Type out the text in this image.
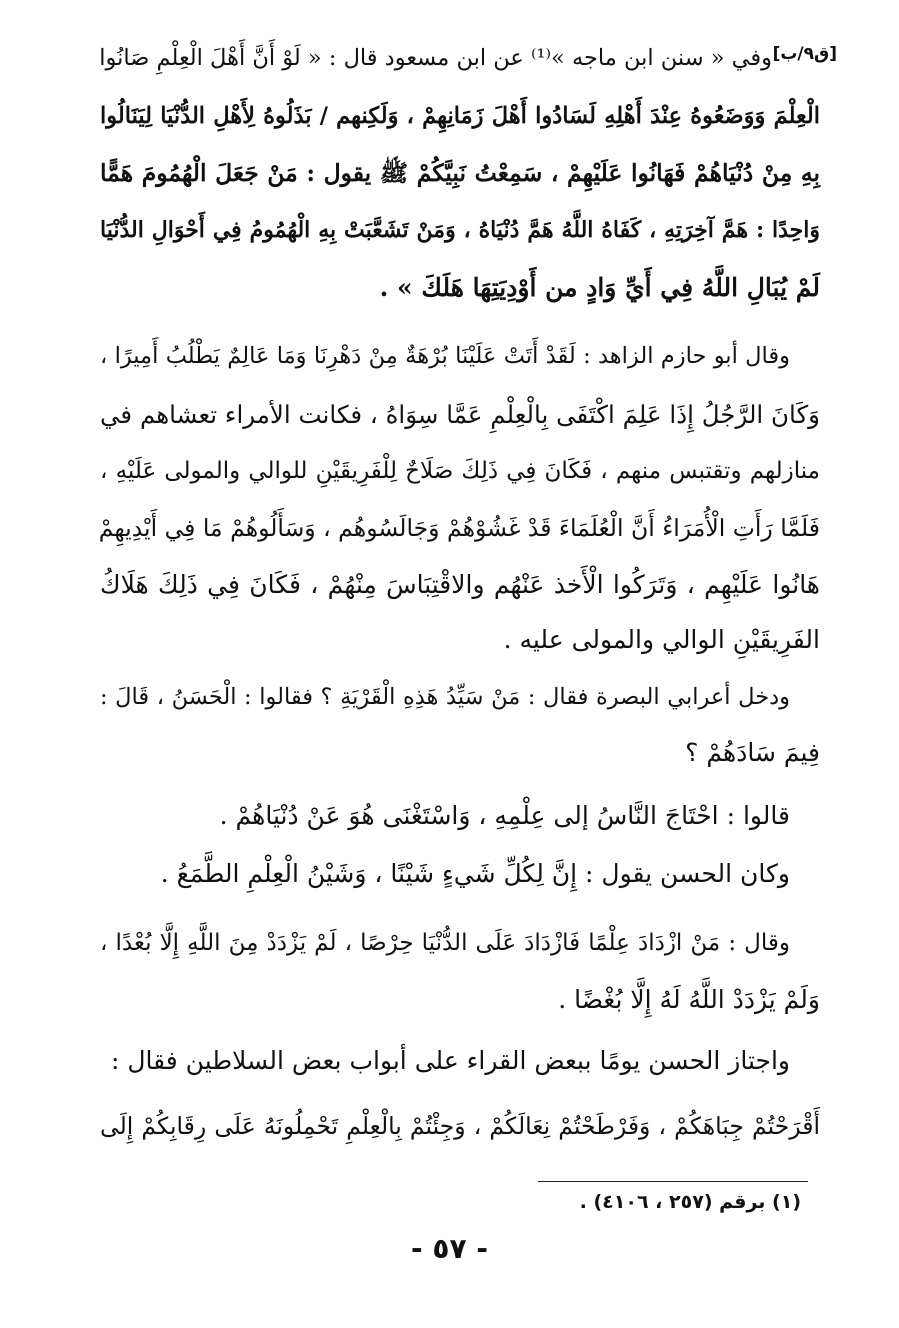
وفي « سنن ابن ماجه »⁽¹⁾ عن ابن مسعود قال : « لَوْ أَنَّ أَهْلَ الْعِلْمِ صَانُوا
الْعِلْمَ وَوَضَعُوهُ عِنْدَ أَهْلِهِ لَسَادُوا أَهْلَ زَمَانِهِمْ ، وَلَكِنهم / بَذَلُوهُ لِأَهْلِ الدُّنْيَا لِيَنَالُوا
بِهِ مِنْ دُنْيَاهُمْ فَهَانُوا عَلَيْهِمْ ، سَمِعْتُ نَبِيَّكُمْ ﷺ يقول : مَنْ جَعَلَ الْهُمُومَ هَمًّا
وَاحِدًا : هَمَّ آخِرَتِهِ ، كَفَاهُ اللَّهُ هَمَّ دُنْيَاهُ ، وَمَنْ تَشَعَّبَتْ بِهِ الْهُمُومُ فِي أَحْوَالِ الدُّنْيَا
لَمْ يُبَالِ اللَّهُ فِي أَيِّ وَادٍ من أَوْدِيَتِهَا هَلَكَ » .
وقال أبو حازم الزاهد : لَقَدْ أَتَتْ عَلَيْنَا بُرْهَةٌ مِنْ دَهْرِنَا وَمَا عَالِمٌ يَطْلُبُ أَمِيرًا ،
وَكَانَ الرَّجُلُ إِذَا عَلِمَ اكْتَفَى بِالْعِلْمِ عَمَّا سِوَاهُ ، فكانت الأمراء تعشاهم في
منازلهم وتقتبس منهم ، فَكَانَ فِي ذَلِكَ صَلَاحٌ لِلْفَرِيقَيْنِ للوالي والمولى عَلَيْهِ ،
فَلَمَّا رَأَتِ الْأُمَرَاءُ أَنَّ الْعُلَمَاءَ قَدْ غَشُوْهُمْ وَجَالَسُوهُم ، وَسَأَلُوهُمْ مَا فِي أَيْدِيهِمْ
هَانُوا عَلَيْهِم ، وَتَرَكُوا الْأَخذ عَنْهُم والاقْتِبَاسَ مِنْهُمْ ، فَكَانَ فِي ذَلِكَ هَلَاكُ
الفَرِيقَيْنِ الوالي والمولى عليه .
ودخل أعرابي البصرة فقال : مَنْ سَيِّدُ هَذِهِ الْقَرْيَةِ ؟ فقالوا : الْحَسَنُ ، قَالَ :
فِيمَ سَادَهُمْ ؟
قالوا : احْتَاجَ النَّاسُ إلى عِلْمِهِ ، وَاسْتَغْنَى هُوَ عَنْ دُنْيَاهُمْ .
وكان الحسن يقول : إِنَّ لِكُلِّ شَيءٍ شَيْنًا ، وَشَيْنُ الْعِلْمِ الطَّمَعُ .
وقال : مَنْ ازْدَادَ عِلْمًا فَازْدَادَ عَلَى الدُّنْيَا حِرْصًا ، لَمْ يَزْدَدْ مِنَ اللَّهِ إِلَّا بُعْدًا ،
وَلَمْ يَزْدَدْ اللَّهُ لَهُ إِلَّا بُغْضًا .
واجتاز الحسن يومًا ببعض القراء على أبواب بعض السلاطين فقال :
أَقْرَحْتُمْ جِبَاهَكُمْ ، وَفَرْطَحْتُمْ نِعَالَكُمْ ، وَجِئْتُمْ بِالْعِلْمِ تَحْمِلُونَهُ عَلَى رِقَابِكُمْ إِلَى
[ق٩/ب]
(١) برقم (٢٥٧ ، ٤١٠٦) .
- ٥٧ -
